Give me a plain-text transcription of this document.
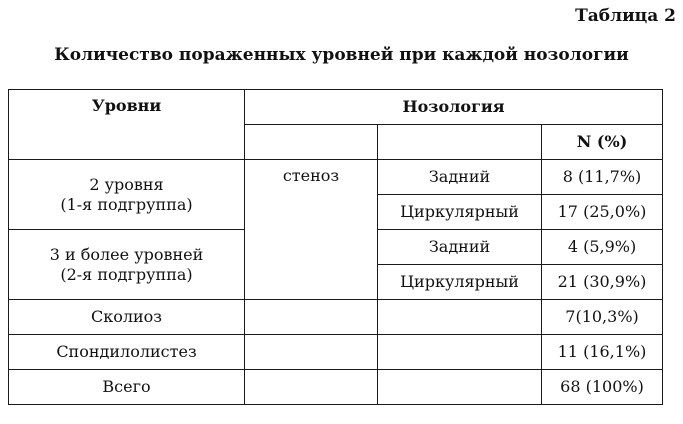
Таблица 2
Количество пораженных уровней при каждой нозологии
Уровни	Нозология		
			N (%)
2 уровня
(1-я подгруппа)	стеноз	Задний	8 (11,7%)
		Циркулярный	17 (25,0%)
3 и более уровней
(2-я подгруппа)		Задний	4 (5,9%)
		Циркулярный	21 (30,9%)
Сколиоз			7(10,3%)
Спондилолистез			11 (16,1%)
Всего			68 (100%)
